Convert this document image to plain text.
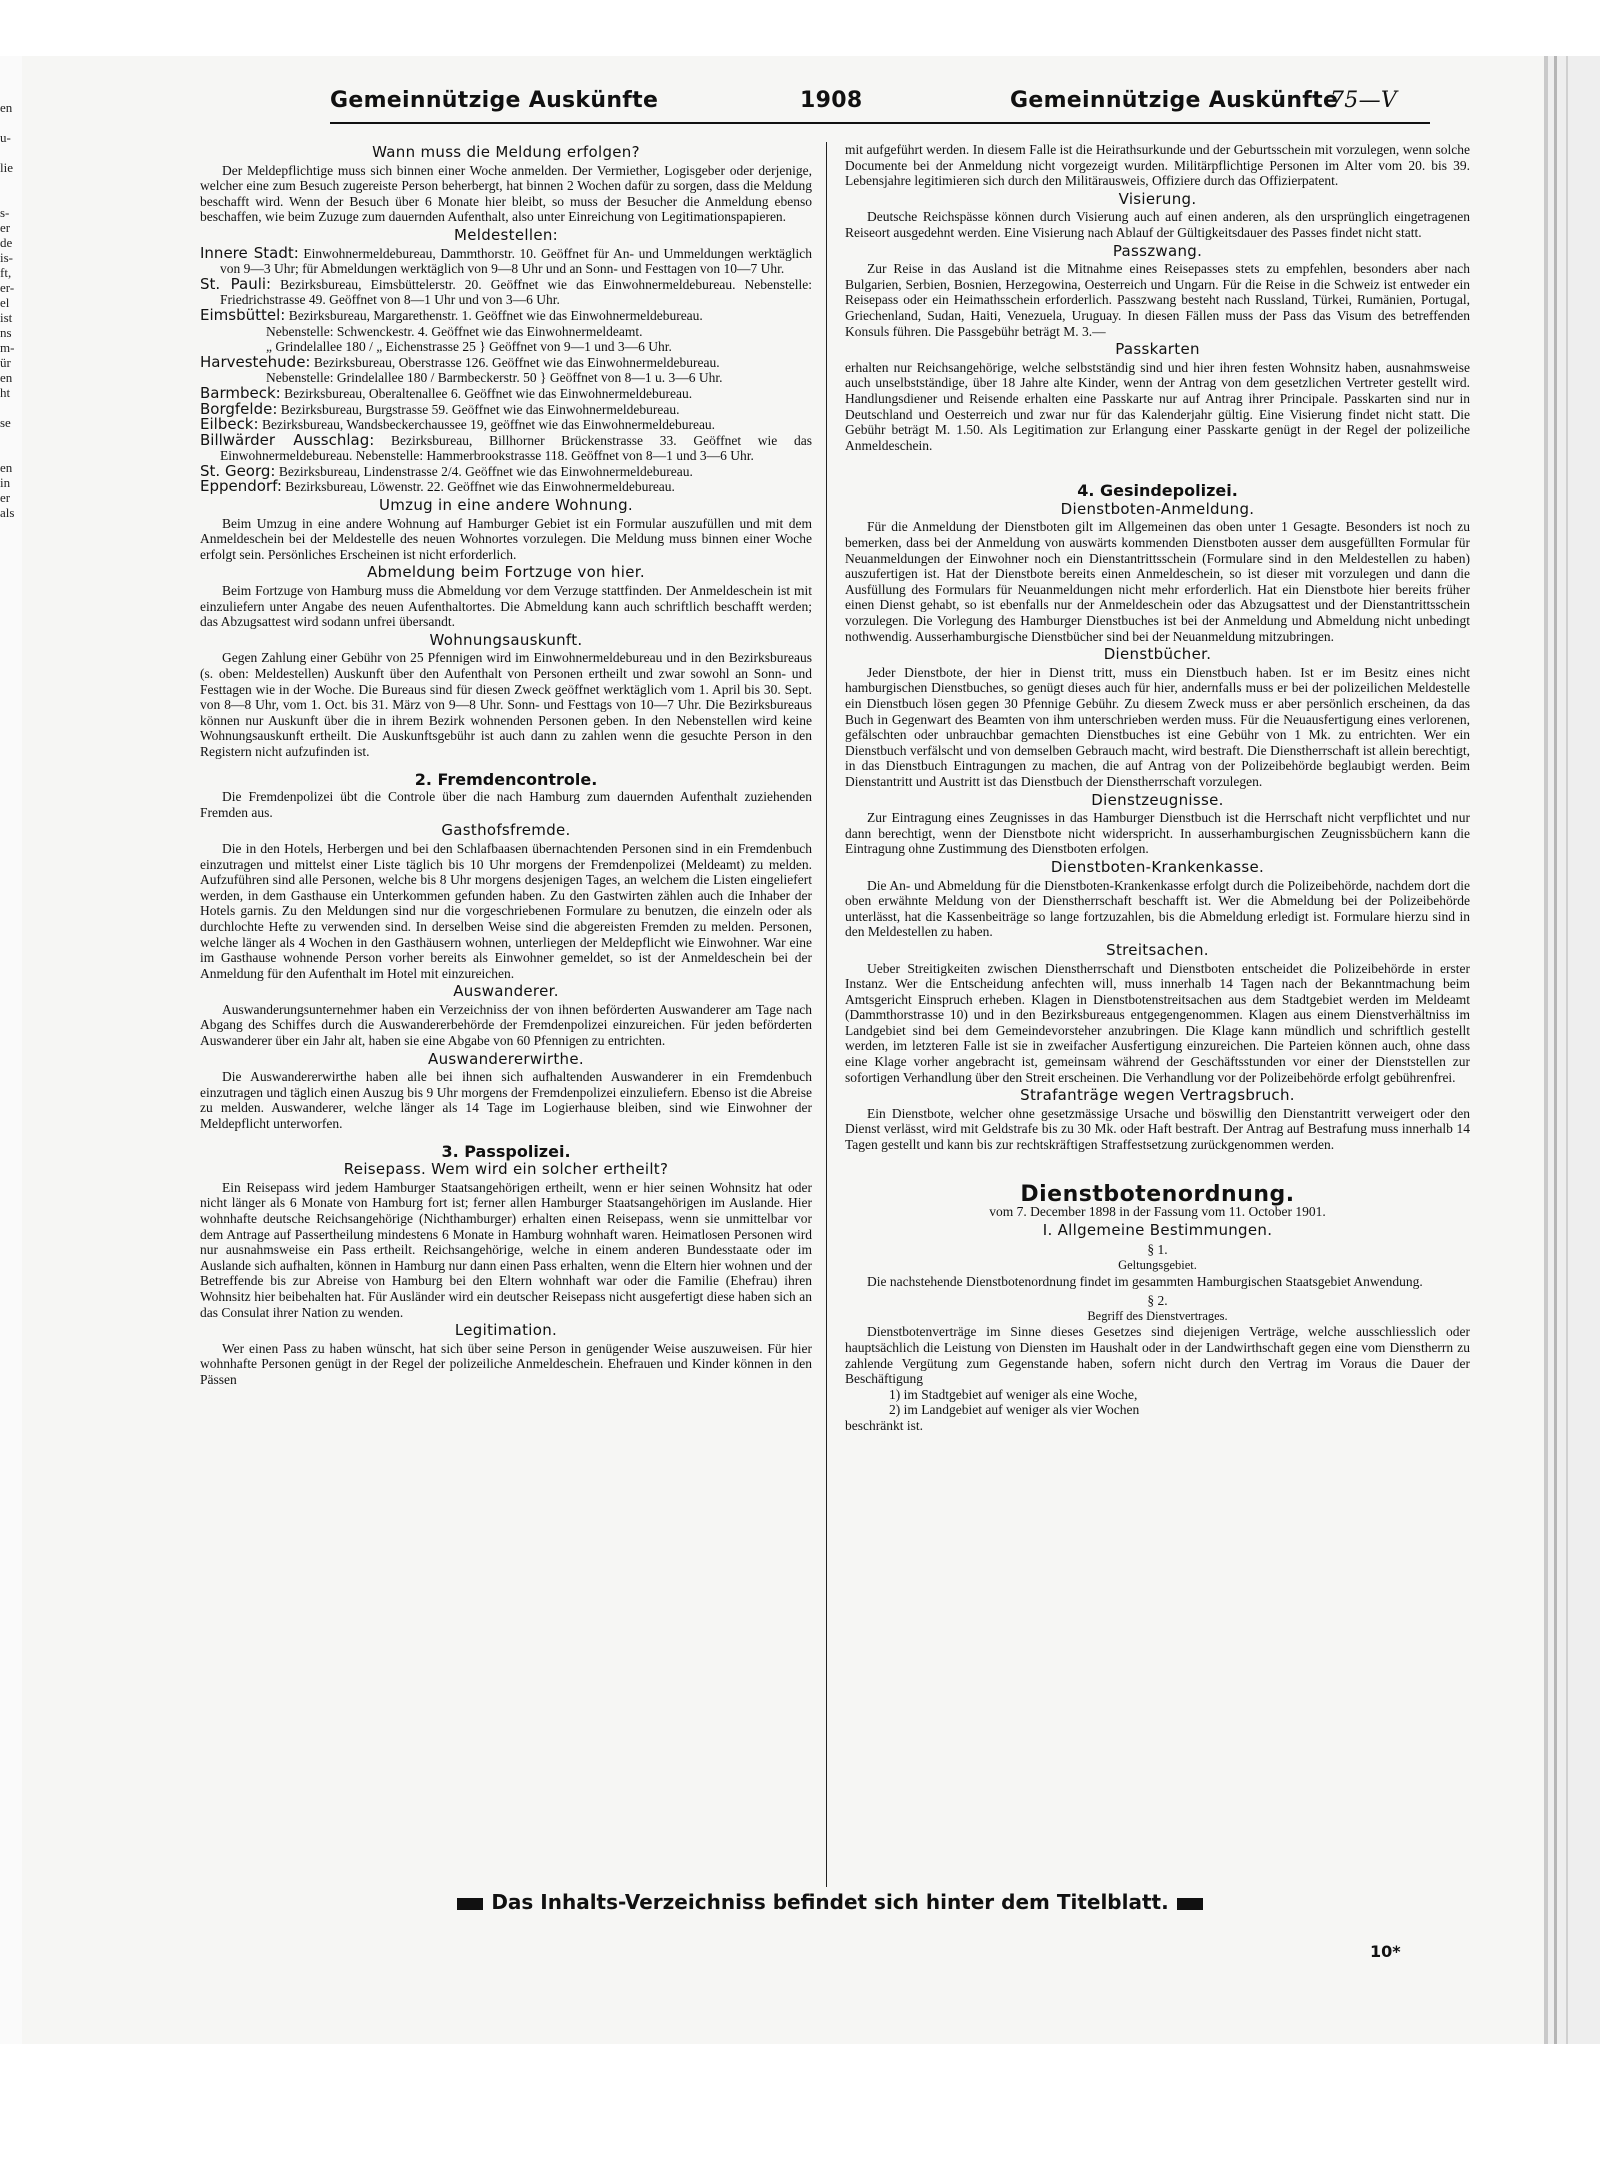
en

u-

lie

s-
er
de
is-
ft,
er-
el
ist
ns
m-
ür
en
ht

se

en
in
er
als
Gemeinnützige Auskünfte	1908	Gemeinnützige Auskünfte
75—V
Wann muss die Meldung erfolgen?

Der Meldepflichtige muss sich binnen einer Woche anmelden. Der Vermiether, Logisgeber oder derjenige, welcher eine zum Besuch zugereiste Person beherbergt, hat binnen 2 Wochen dafür zu sorgen, dass die Meldung beschafft wird. Wenn der Besuch über 6 Monate hier bleibt, so muss der Besucher die Anmeldung ebenso beschaffen, wie beim Zuzuge zum dauernden Aufenthalt, also unter Einreichung von Legitimationspapieren.

Meldestellen:

Innere Stadt: Einwohnermeldebureau, Dammthorstr. 10. Geöffnet für An- und Ummeldungen werktäglich von 9—3 Uhr; für Abmeldungen werktäglich von 9—8 Uhr und an Sonn- und Festtagen von 10—7 Uhr.

St. Pauli: Bezirksbureau, Eimsbüttelerstr. 20. Geöffnet wie das Einwohnermeldebureau. Nebenstelle: Friedrichstrasse 49. Geöffnet von 8—1 Uhr und von 3—6 Uhr.

Eimsbüttel: Bezirksbureau, Margarethenstr. 1. Geöffnet wie das Einwohnermeldebureau.

Nebenstelle: Schwenckestr. 4. Geöffnet wie das Einwohnermeldeamt.

„ Grindelallee 180 / „ Eichenstrasse 25 } Geöffnet von 9—1 und 3—6 Uhr.

Harvestehude: Bezirksbureau, Oberstrasse 126. Geöffnet wie das Einwohnermeldebureau.

Nebenstelle: Grindelallee 180 / Barmbeckerstr. 50 } Geöffnet von 8—1 u. 3—6 Uhr.

Barmbeck: Bezirksbureau, Oberaltenallee 6. Geöffnet wie das Einwohnermeldebureau.

Borgfelde: Bezirksbureau, Burgstrasse 59. Geöffnet wie das Einwohnermeldebureau.

Eilbeck: Bezirksbureau, Wandsbeckerchaussee 19, geöffnet wie das Einwohnermeldebureau.

Billwärder Ausschlag: Bezirksbureau, Billhorner Brückenstrasse 33. Geöffnet wie das Einwohnermeldebureau. Nebenstelle: Hammerbrookstrasse 118. Geöffnet von 8—1 und 3—6 Uhr.

St. Georg: Bezirksbureau, Lindenstrasse 2/4. Geöffnet wie das Einwohnermeldebureau.

Eppendorf: Bezirksbureau, Löwenstr. 22. Geöffnet wie das Einwohnermeldebureau.

Umzug in eine andere Wohnung.

Beim Umzug in eine andere Wohnung auf Hamburger Gebiet ist ein Formular auszufüllen und mit dem Anmeldeschein bei der Meldestelle des neuen Wohnortes vorzulegen. Die Meldung muss binnen einer Woche erfolgt sein. Persönliches Erscheinen ist nicht erforderlich.

Abmeldung beim Fortzuge von hier.

Beim Fortzuge von Hamburg muss die Abmeldung vor dem Verzuge stattfinden. Der Anmeldeschein ist mit einzuliefern unter Angabe des neuen Aufenthaltortes. Die Abmeldung kann auch schriftlich beschafft werden; das Abzugsattest wird sodann unfrei übersandt.

Wohnungsauskunft.

Gegen Zahlung einer Gebühr von 25 Pfennigen wird im Einwohnermeldebureau und in den Bezirksbureaus (s. oben: Meldestellen) Auskunft über den Aufenthalt von Personen ertheilt und zwar sowohl an Sonn- und Festtagen wie in der Woche. Die Bureaus sind für diesen Zweck geöffnet werktäglich vom 1. April bis 30. Sept. von 8—8 Uhr, vom 1. Oct. bis 31. März von 9—8 Uhr. Sonn- und Festtags von 10—7 Uhr. Die Bezirksbureaus können nur Auskunft über die in ihrem Bezirk wohnenden Personen geben. In den Nebenstellen wird keine Wohnungsauskunft ertheilt. Die Auskunftsgebühr ist auch dann zu zahlen wenn die gesuchte Person in den Registern nicht aufzufinden ist.

2. Fremdencontrole.

Die Fremdenpolizei übt die Controle über die nach Hamburg zum dauernden Aufenthalt zuziehenden Fremden aus.

Gasthofsfremde.

Die in den Hotels, Herbergen und bei den Schlafbaasen übernachtenden Personen sind in ein Fremdenbuch einzutragen und mittelst einer Liste täglich bis 10 Uhr morgens der Fremdenpolizei (Meldeamt) zu melden. Aufzuführen sind alle Personen, welche bis 8 Uhr morgens desjenigen Tages, an welchem die Listen eingeliefert werden, in dem Gasthause ein Unterkommen gefunden haben. Zu den Gastwirten zählen auch die Inhaber der Hotels garnis. Zu den Meldungen sind nur die vorgeschriebenen Formulare zu benutzen, die einzeln oder als durchlochte Hefte zu verwenden sind. In derselben Weise sind die abgereisten Fremden zu melden. Personen, welche länger als 4 Wochen in den Gasthäusern wohnen, unterliegen der Meldepflicht wie Einwohner. War eine im Gasthause wohnende Person vorher bereits als Einwohner gemeldet, so ist der Anmeldeschein bei der Anmeldung für den Aufenthalt im Hotel mit einzureichen.

Auswanderer.

Auswanderungsunternehmer haben ein Verzeichniss der von ihnen beförderten Auswanderer am Tage nach Abgang des Schiffes durch die Auswandererbehörde der Fremdenpolizei einzureichen. Für jeden beförderten Auswanderer über ein Jahr alt, haben sie eine Abgabe von 60 Pfennigen zu entrichten.

Auswandererwirthe.

Die Auswandererwirthe haben alle bei ihnen sich aufhaltenden Auswanderer in ein Fremdenbuch einzutragen und täglich einen Auszug bis 9 Uhr morgens der Fremdenpolizei einzuliefern. Ebenso ist die Abreise zu melden. Auswanderer, welche länger als 14 Tage im Logierhause bleiben, sind wie Einwohner der Meldepflicht unterworfen.

3. Passpolizei.
Reisepass. Wem wird ein solcher ertheilt?

Ein Reisepass wird jedem Hamburger Staatsangehörigen ertheilt, wenn er hier seinen Wohnsitz hat oder nicht länger als 6 Monate von Hamburg fort ist; ferner allen Hamburger Staatsangehörigen im Auslande. Hier wohnhafte deutsche Reichsangehörige (Nichthamburger) erhalten einen Reisepass, wenn sie unmittelbar vor dem Antrage auf Passertheilung mindestens 6 Monate in Hamburg wohnhaft waren. Heimatlosen Personen wird nur ausnahmsweise ein Pass ertheilt. Reichsangehörige, welche in einem anderen Bundesstaate oder im Auslande sich aufhalten, können in Hamburg nur dann einen Pass erhalten, wenn die Eltern hier wohnen und der Betreffende bis zur Abreise von Hamburg bei den Eltern wohnhaft war oder die Familie (Ehefrau) ihren Wohnsitz hier beibehalten hat. Für Ausländer wird ein deutscher Reisepass nicht ausgefertigt diese haben sich an das Consulat ihrer Nation zu wenden.

Legitimation.

Wer einen Pass zu haben wünscht, hat sich über seine Person in genügender Weise auszuweisen. Für hier wohnhafte Personen genügt in der Regel der polizeiliche Anmeldeschein. Ehefrauen und Kinder können in den Pässen

mit aufgeführt werden. In diesem Falle ist die Heirathsurkunde und der Geburtsschein mit vorzulegen, wenn solche Documente bei der Anmeldung nicht vorgezeigt wurden. Militärpflichtige Personen im Alter vom 20. bis 39. Lebensjahre legitimieren sich durch den Militärausweis, Offiziere durch das Offizierpatent.

Visierung.

Deutsche Reichspässe können durch Visierung auch auf einen anderen, als den ursprünglich eingetragenen Reiseort ausgedehnt werden. Eine Visierung nach Ablauf der Gültigkeitsdauer des Passes findet nicht statt.

Passzwang.

Zur Reise in das Ausland ist die Mitnahme eines Reisepasses stets zu empfehlen, besonders aber nach Bulgarien, Serbien, Bosnien, Herzegowina, Oesterreich und Ungarn. Für die Reise in die Schweiz ist entweder ein Reisepass oder ein Heimathsschein erforderlich. Passzwang besteht nach Russland, Türkei, Rumänien, Portugal, Griechenland, Sudan, Haiti, Venezuela, Uruguay. In diesen Fällen muss der Pass das Visum des betreffenden Konsuls führen. Die Passgebühr beträgt M. 3.—

Passkarten

erhalten nur Reichsangehörige, welche selbstständig sind und hier ihren festen Wohnsitz haben, ausnahmsweise auch unselbstständige, über 18 Jahre alte Kinder, wenn der Antrag von dem gesetzlichen Vertreter gestellt wird. Handlungsdiener und Reisende erhalten eine Passkarte nur auf Antrag ihrer Principale. Passkarten sind nur in Deutschland und Oesterreich und zwar nur für das Kalenderjahr gültig. Eine Visierung findet nicht statt. Die Gebühr beträgt M. 1.50. Als Legitimation zur Erlangung einer Passkarte genügt in der Regel der polizeiliche Anmeldeschein.

4. Gesindepolizei.
Dienstboten-Anmeldung.

Für die Anmeldung der Dienstboten gilt im Allgemeinen das oben unter 1 Gesagte. Besonders ist noch zu bemerken, dass bei der Anmeldung von auswärts kommenden Dienstboten ausser dem ausgefüllten Formular für Neuanmeldungen der Einwohner noch ein Dienstantrittsschein (Formulare sind in den Meldestellen zu haben) auszufertigen ist. Hat der Dienstbote bereits einen Anmeldeschein, so ist dieser mit vorzulegen und dann die Ausfüllung des Formulars für Neuanmeldungen nicht mehr erforderlich. Hat ein Dienstbote hier bereits früher einen Dienst gehabt, so ist ebenfalls nur der Anmeldeschein oder das Abzugsattest und der Dienstantrittsschein vorzulegen. Die Vorlegung des Hamburger Dienstbuches ist bei der Anmeldung und Abmeldung nicht unbedingt nothwendig. Ausserhamburgische Dienstbücher sind bei der Neuanmeldung mitzubringen.

Dienstbücher.

Jeder Dienstbote, der hier in Dienst tritt, muss ein Dienstbuch haben. Ist er im Besitz eines nicht hamburgischen Dienstbuches, so genügt dieses auch für hier, andernfalls muss er bei der polizeilichen Meldestelle ein Dienstbuch lösen gegen 30 Pfennige Gebühr. Zu diesem Zweck muss er aber persönlich erscheinen, da das Buch in Gegenwart des Beamten von ihm unterschrieben werden muss. Für die Neuausfertigung eines verlorenen, gefälschten oder unbrauchbar gemachten Dienstbuches ist eine Gebühr von 1 Mk. zu entrichten. Wer ein Dienstbuch verfälscht und von demselben Gebrauch macht, wird bestraft. Die Dienstherrschaft ist allein berechtigt, in das Dienstbuch Eintragungen zu machen, die auf Antrag von der Polizeibehörde beglaubigt werden. Beim Dienstantritt und Austritt ist das Dienstbuch der Dienstherrschaft vorzulegen.

Dienstzeugnisse.

Zur Eintragung eines Zeugnisses in das Hamburger Dienstbuch ist die Herrschaft nicht verpflichtet und nur dann berechtigt, wenn der Dienstbote nicht widerspricht. In ausserhamburgischen Zeugnissbüchern kann die Eintragung ohne Zustimmung des Dienstboten erfolgen.

Dienstboten-Krankenkasse.

Die An- und Abmeldung für die Dienstboten-Krankenkasse erfolgt durch die Polizeibehörde, nachdem dort die oben erwähnte Meldung von der Dienstherrschaft beschafft ist. Wer die Abmeldung bei der Polizeibehörde unterlässt, hat die Kassenbeiträge so lange fortzuzahlen, bis die Abmeldung erledigt ist. Formulare hierzu sind in den Meldestellen zu haben.

Streitsachen.

Ueber Streitigkeiten zwischen Dienstherrschaft und Dienstboten entscheidet die Polizeibehörde in erster Instanz. Wer die Entscheidung anfechten will, muss innerhalb 14 Tagen nach der Bekanntmachung beim Amtsgericht Einspruch erheben. Klagen in Dienstbotenstreitsachen aus dem Stadtgebiet werden im Meldeamt (Dammthorstrasse 10) und in den Bezirksbureaus entgegengenommen. Klagen aus einem Dienstverhältniss im Landgebiet sind bei dem Gemeindevorsteher anzubringen. Die Klage kann mündlich und schriftlich gestellt werden, im letzteren Falle ist sie in zweifacher Ausfertigung einzureichen. Die Parteien können auch, ohne dass eine Klage vorher angebracht ist, gemeinsam während der Geschäftsstunden vor einer der Dienststellen zur sofortigen Verhandlung über den Streit erscheinen. Die Verhandlung vor der Polizeibehörde erfolgt gebührenfrei.

Strafanträge wegen Vertragsbruch.

Ein Dienstbote, welcher ohne gesetzmässige Ursache und böswillig den Dienstantritt verweigert oder den Dienst verlässt, wird mit Geldstrafe bis zu 30 Mk. oder Haft bestraft. Der Antrag auf Bestrafung muss innerhalb 14 Tagen gestellt und kann bis zur rechtskräftigen Straffestsetzung zurückgenommen werden.

Dienstbotenordnung.

vom 7. December 1898 in der Fassung vom 11. October 1901.

I. Allgemeine Bestimmungen.

§ 1.

Geltungsgebiet.

Die nachstehende Dienstbotenordnung findet im gesammten Hamburgischen Staatsgebiet Anwendung.

§ 2.

Begriff des Dienstvertrages.

Dienstbotenverträge im Sinne dieses Gesetzes sind diejenigen Verträge, welche ausschliesslich oder hauptsächlich die Leistung von Diensten im Haushalt oder in der Landwirthschaft gegen eine vom Dienstherrn zu zahlende Vergütung zum Gegenstande haben, sofern nicht durch den Vertrag im Voraus die Dauer der Beschäftigung

1) im Stadtgebiet auf weniger als eine Woche,

2) im Landgebiet auf weniger als vier Wochen

beschränkt ist.

Das Inhalts-Verzeichniss befindet sich hinter dem Titelblatt.
10*
